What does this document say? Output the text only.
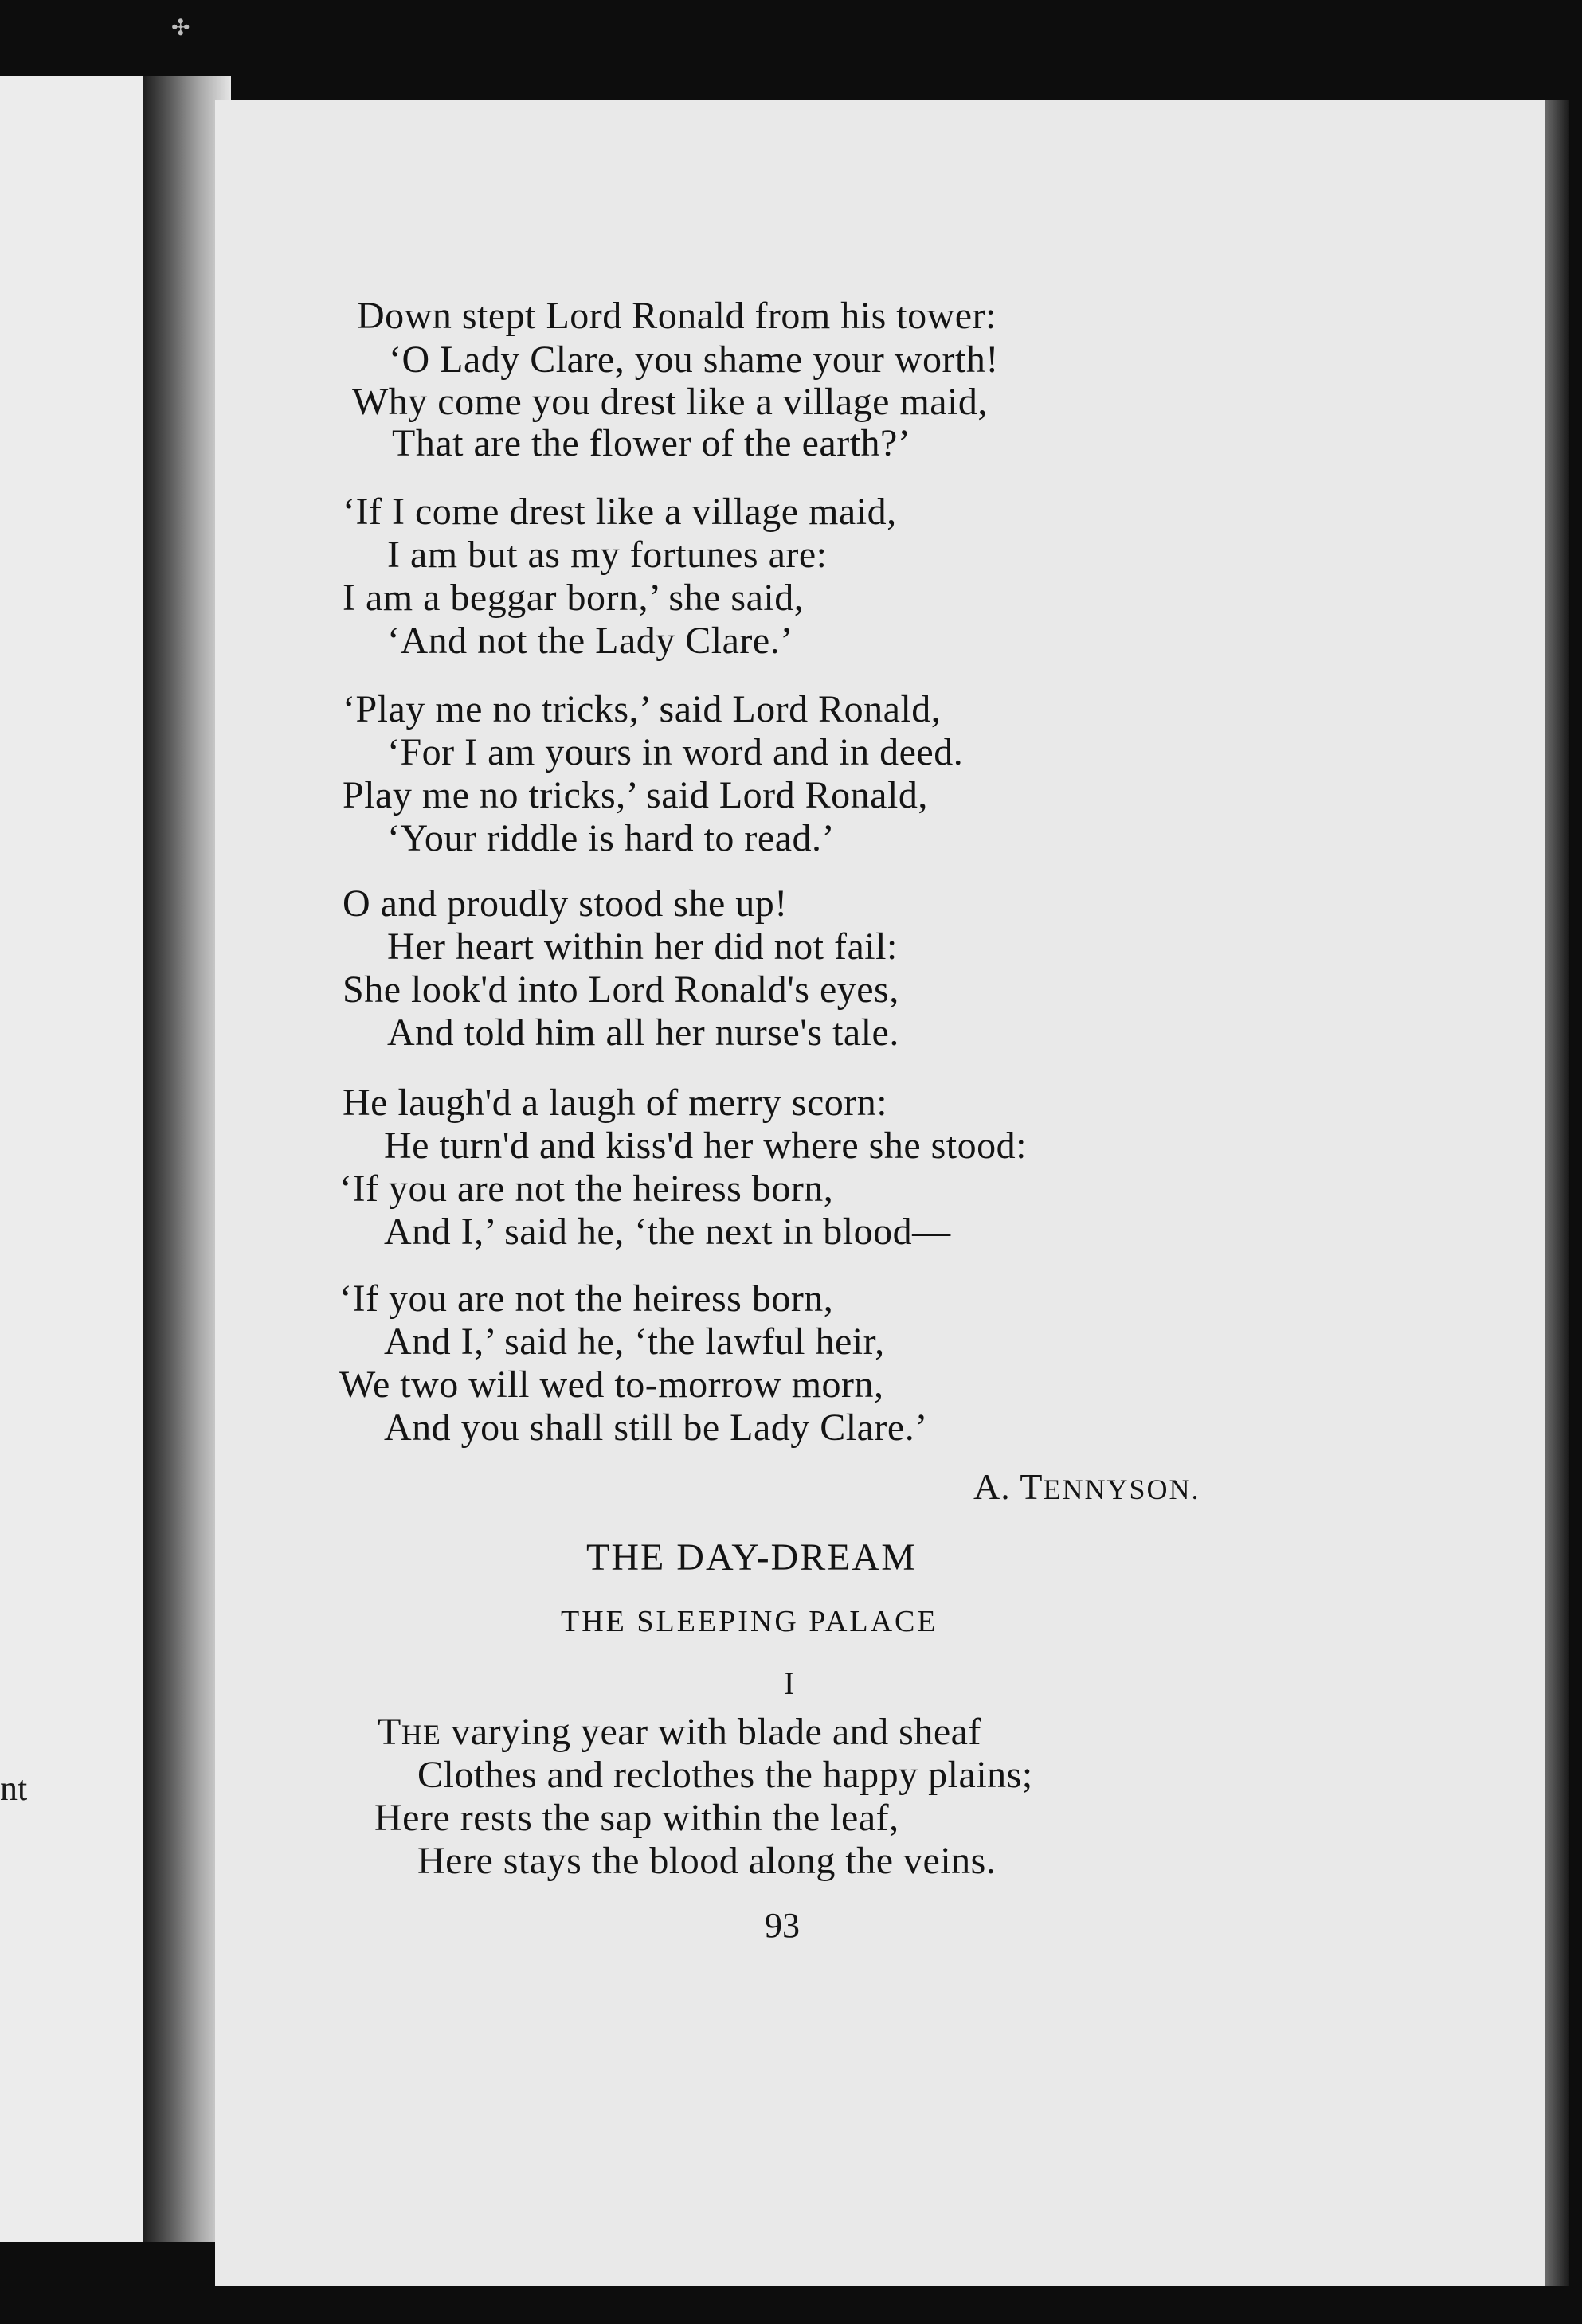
nt
✣
Down stept Lord Ronald from his tower:
‘O Lady Clare, you shame your worth!
Why come you drest like a village maid,
That are the flower of the earth?’
‘If I come drest like a village maid,
I am but as my fortunes are:
I am a beggar born,’ she said,
‘And not the Lady Clare.’
‘Play me no tricks,’ said Lord Ronald,
‘For I am yours in word and in deed.
Play me no tricks,’ said Lord Ronald,
‘Your riddle is hard to read.’
O and proudly stood she up!
Her heart within her did not fail:
She look'd into Lord Ronald's eyes,
And told him all her nurse's tale.
He laugh'd a laugh of merry scorn:
He turn'd and kiss'd her where she stood:
‘If you are not the heiress born,
And I,’ said he, ‘the next in blood—
‘If you are not the heiress born,
And I,’ said he, ‘the lawful heir,
We two will wed to-morrow morn,
And you shall still be Lady Clare.’
A. TENNYSON.
THE DAY-DREAM
THE SLEEPING PALACE
I
THE varying year with blade and sheaf
Clothes and reclothes the happy plains;
Here rests the sap within the leaf,
Here stays the blood along the veins.
93
